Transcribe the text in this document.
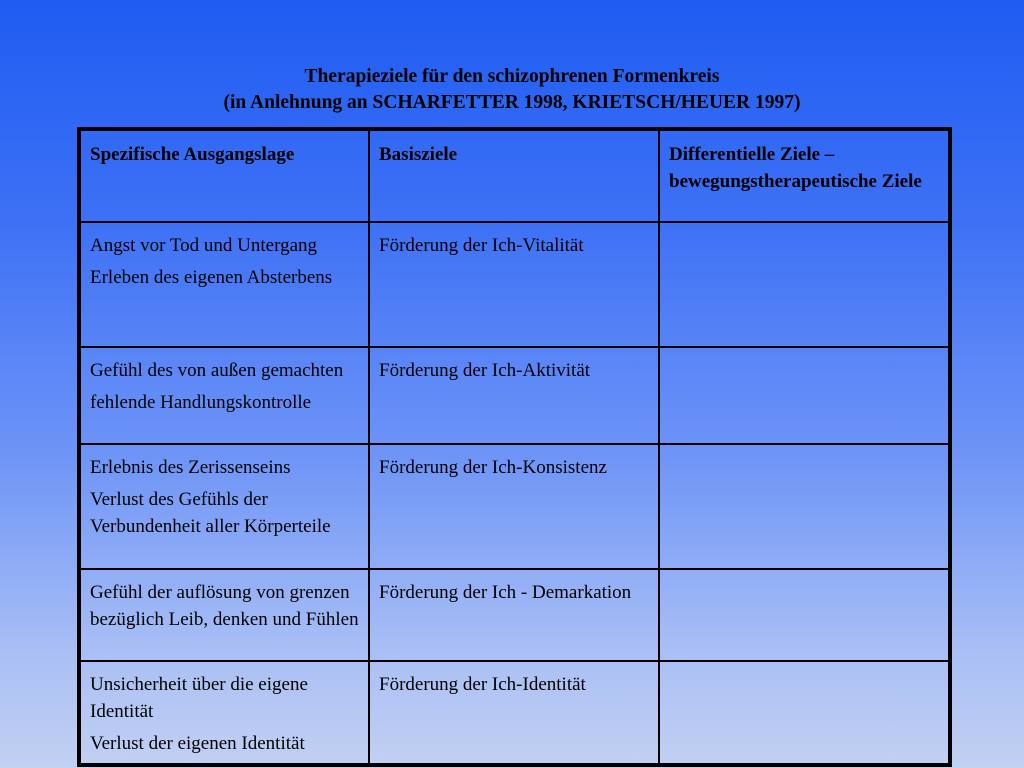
Therapieziele für den schizophrenen Formenkreis
(in Anlehnung an SCHARFETTER 1998, KRIETSCH/HEUER 1997)
Spezifische Ausgangslage	Basisziele	Differentielle Ziele – bewegungstherapeutische Ziele

Angst vor Tod und Untergang
Erleben des eigenen Absterbens	Förderung der Ich-Vitalität	

Gefühl des von außen gemachten
fehlende Handlungskontrolle	Förderung der Ich-Aktivität	

Erlebnis des Zerissenseins
Verlust des Gefühls der Verbundenheit aller Körperteile	Förderung der Ich-Konsistenz	

Gefühl der auflösung von grenzen bezüglich Leib, denken und Fühlen	Förderung der Ich - Demarkation	

Unsicherheit über die eigene Identität
Verlust der eigenen Identität	Förderung der Ich-Identität	
